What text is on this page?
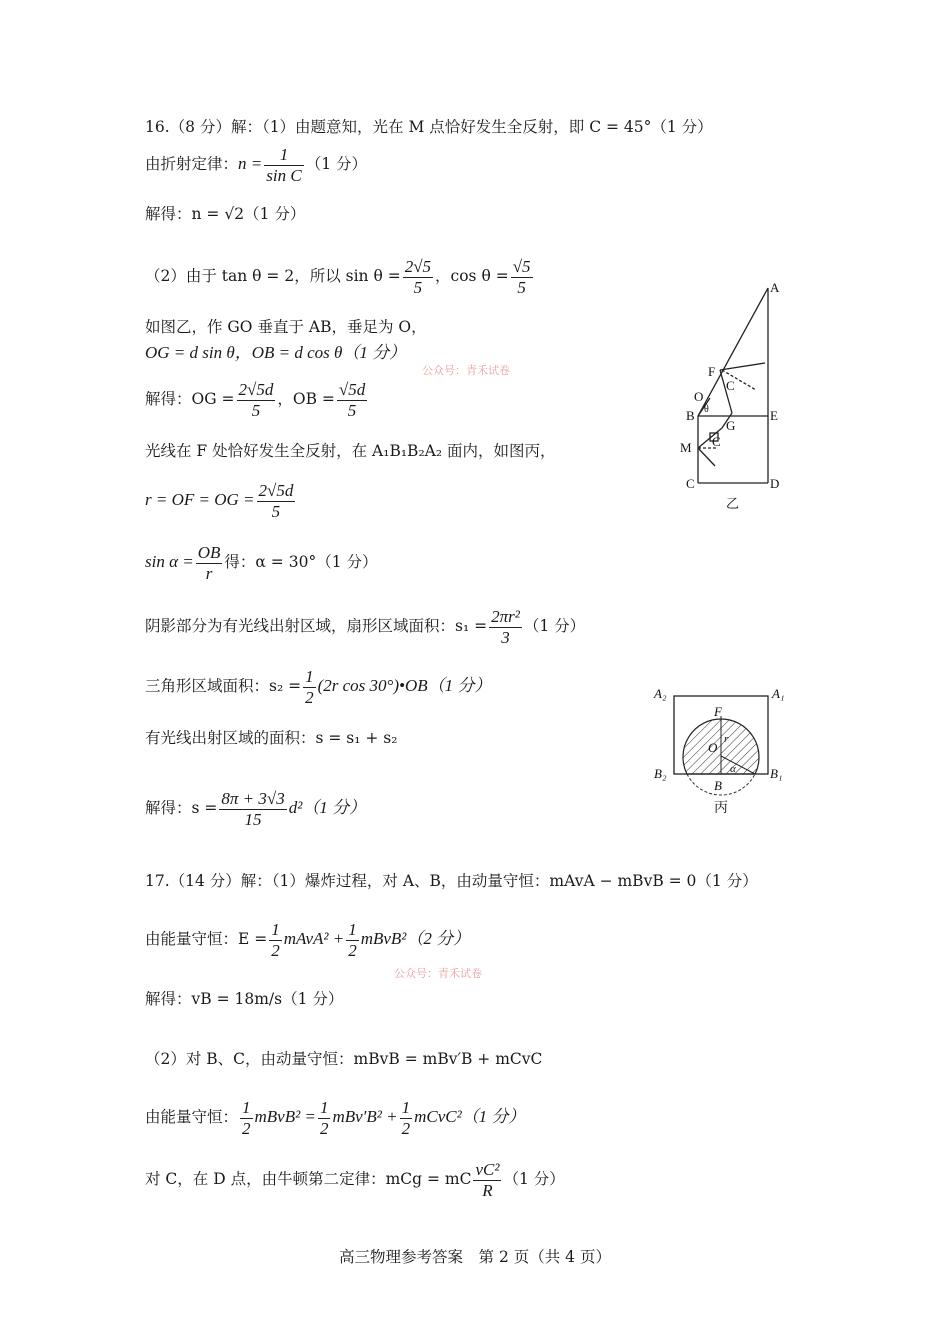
16.（8 分）解：（1）由题意知，光在 M 点恰好发生全反射，即 C = 45°（1 分）
由折射定律：$n = \frac{1}{\text{sin C}} (1$ 分）
解得：n = √2（1 分）
（2）由于 tan θ = 2，所以 $\sin \theta = \frac{2√5}{5}$ ，$\cos \theta = \frac{√5}{5}$
如图乙，作 GO 垂直于 AB，垂足为 O，
OG = d sin θ，OB = d cos θ（1 分）
解得：OG = $\frac{2√5d}{5}$ ，OB = $\frac{√5d}{5}$
光线在 F 处恰好发生全反射，在 A₁B₁B₂A₂ 面内，如图丙，
r = OF = OG = $\frac{2√5d}{5}$
$\sin \alpha = \frac{OB}{r}$ 得：α = 30°（1 分）
阴影部分为有光线出射区域，扇形区域面积：$s_1 = \frac{\text{2πr²}}{3} (1$ 分）
三角形区域面积：$s_2 = \frac{1}{2} (2r$ cos 30°)•OB（1 分）
有光线出射区域的面积：s = s₁ + s₂
解得：$s = \frac{8\pi + 3√3}{15} d^2(1$ 分）
17.（14 分）解：（1）爆炸过程，对 A、B，由动量守恒：mAvA − mBvB = 0（1 分）
由能量守恒：$E = \frac{1}{2}$ mAvA² + $\frac{1}{2}$ mBvB²（2 分）
解得：vB = 18m/s（1 分）
（2）对 B、C，由动量守恒：mBvB = mBv′B + mCvC
由能量守恒： $\frac{1}{2}$ mBvB² = $\frac{1}{2} mBv'B^2 + \frac{1}{2}$ mCvC²（1 分）
对 C，在 D 点，由牛顿第二定律：mCg = mC $\frac{\text{vC²}}{R} (1$ 分）
公众号：青禾试卷
公众号：青禾试卷
A
F
C
O
B θ	E
G
M C
C	D
乙
A₂	A₁
F
O
r
α
B₂
B
B₁
丙
高三物理参考答案　第 2 页（共 4 页）
